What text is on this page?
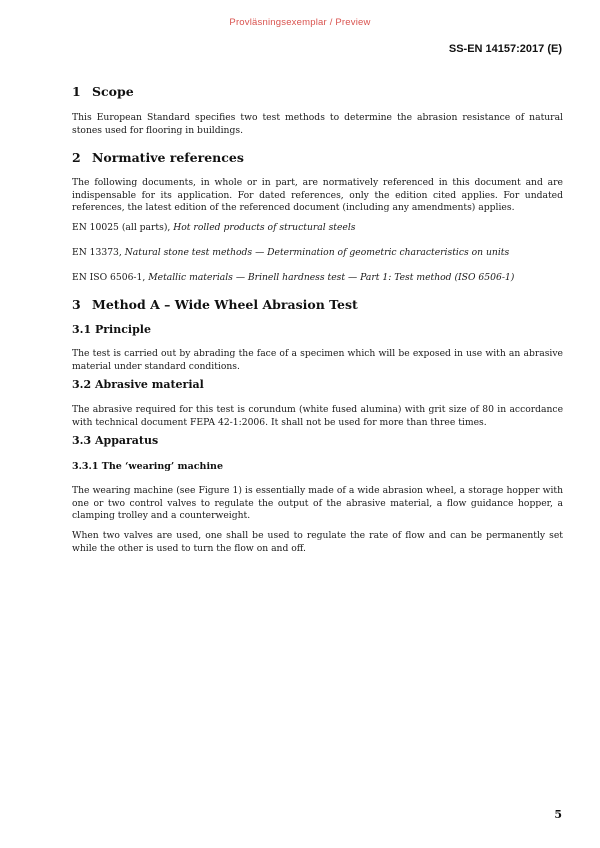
Provläsningsexemplar / Preview
SS-EN 14157:2017 (E)
1 Scope

This European Standard specifies two test methods to determine the abrasion resistance of natural stones used for flooring in buildings.

2 Normative references

The following documents, in whole or in part, are normatively referenced in this document and are indispensable for its application. For dated references, only the edition cited applies. For undated references, the latest edition of the referenced document (including any amendments) applies.

EN 10025 (all parts), Hot rolled products of structural steels

EN 13373, Natural stone test methods — Determination of geometric characteristics on units

EN ISO 6506-1, Metallic materials — Brinell hardness test — Part 1: Test method (ISO 6506-1)

3 Method A – Wide Wheel Abrasion Test
3.1 Principle

The test is carried out by abrading the face of a specimen which will be exposed in use with an abrasive material under standard conditions.

3.2 Abrasive material

The abrasive required for this test is corundum (white fused alumina) with grit size of 80 in accordance with technical document FEPA 42-1:2006. It shall not be used for more than three times.

3.3 Apparatus
3.3.1 The ‘wearing’ machine

The wearing machine (see Figure 1) is essentially made of a wide abrasion wheel, a storage hopper with one or two control valves to regulate the output of the abrasive material, a flow guidance hopper, a clamping trolley and a counterweight.

When two valves are used, one shall be used to regulate the rate of flow and can be permanently set while the other is used to turn the flow on and off.

5
